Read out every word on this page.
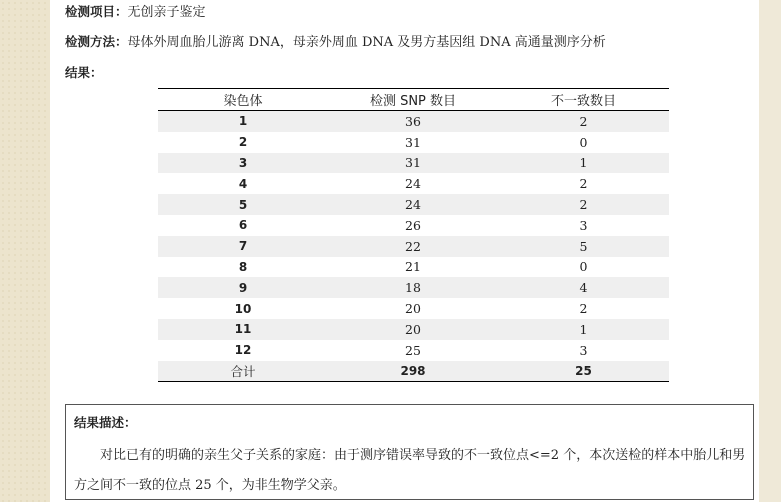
检测项目：无创亲子鉴定
检测方法：母体外周血胎儿游离 DNA，母亲外周血 DNA 及男方基因组 DNA 高通量测序分析
结果：
染色体	检测 SNP 数目	不一致数目
1	36	2
2	31	0
3	31	1
4	24	2
5	24	2
6	26	3
7	22	5
8	21	0
9	18	4
10	20	2
11	20	1
12	25	3
合计	298	25
结果描述：
对比已有的明确的亲生父子关系的家庭：由于测序错误率导致的不一致位点<=2 个，本次送检的样本中胎儿和男方之间不一致的位点 25 个，为非生物学父亲。
